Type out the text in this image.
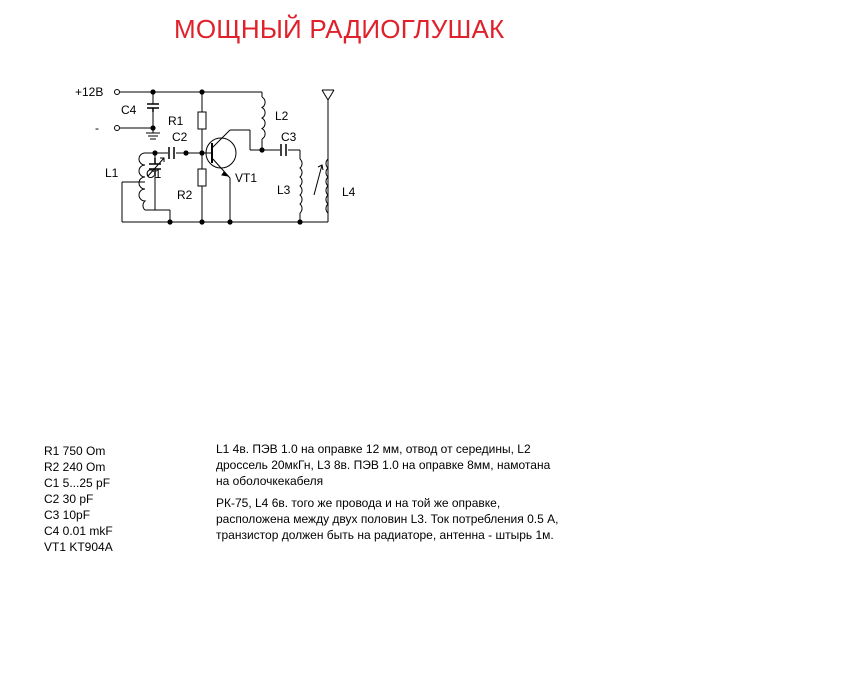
МОЩНЫЙ РАДИОГЛУШАК
+12В
-
C4
R1
C2
L1 C1
R2
L2
C3
VT1
L3	L4
R1 750 Om
R2 240 Om
C1 5...25 pF
C2 30 pF
C3 10pF
C4 0.01 mkF
VT1 KT904A

L1 4в. ПЭВ 1.0 на оправке 12 мм, отвод от середины, L2 дроссель 20мкГн, L3 8в. ПЭВ 1.0 на оправке 8мм, намотана на оболочкекабеля

РК-75, L4 6в. того же провода и на той же оправке, расположена между двух половин L3. Ток потребления 0.5 А, транзистор должен быть на радиаторе, антенна - штырь 1м.
